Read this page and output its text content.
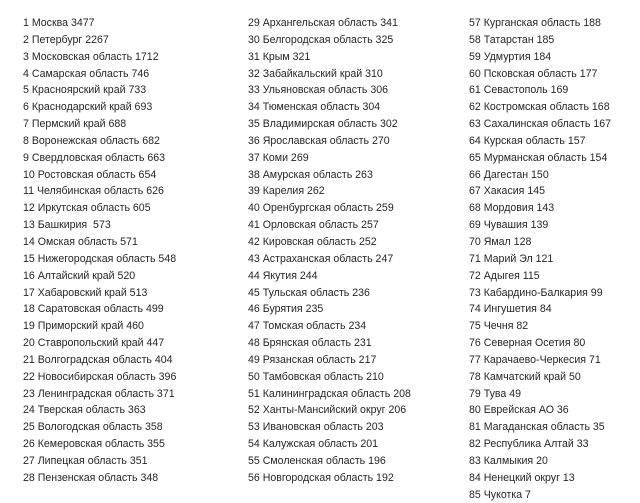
1 Москва 3477
2 Петербург 2267
3 Московская область 1712
4 Самарская область 746
5 Красноярский край 733
6 Краснодарский край 693
7 Пермский край 688
8 Воронежская область 682
9 Свердловская область 663
10 Ростовская область 654
11 Челябинская область 626
12 Иркутская область 605
13 Башкирия  573
14 Омская область 571
15 Нижегородская область 548
16 Алтайский край 520
17 Хабаровский край 513
18 Саратовская область 499
19 Приморский край 460
20 Ставропольский край 447
21 Волгоградская область 404
22 Новосибирская область 396
23 Ленинградская область 371
24 Тверская область 363
25 Вологодская область 358
26 Кемеровская область 355
27 Липецкая область 351
28 Пензенская область 348
29 Архангельская область 341
30 Белгородская область 325
31 Крым 321
32 Забайкальский край 310
33 Ульяновская область 306
34 Тюменская область 304
35 Владимирская область 302
36 Ярославская область 270
37 Коми 269
38 Амурская область 263
39 Карелия 262
40 Оренбургская область 259
41 Орловская область 257
42 Кировская область 252
43 Астраханская область 247
44 Якутия 244
45 Тульская область 236
46 Бурятия 235
47 Томская область 234
48 Брянская область 231
49 Рязанская область 217
50 Тамбовская область 210
51 Калининградская область 208
52 Ханты-Мансийский округ 206
53 Ивановская область 203
54 Калужская область 201
55 Смоленская область 196
56 Новгородская область 192
57 Курганская область 188
58 Татарстан 185
59 Удмуртия 184
60 Псковская область 177
61 Севастополь 169
62 Костромская область 168
63 Сахалинская область 167
64 Курская область 157
65 Мурманская область 154
66 Дагестан 150
67 Хакасия 145
68 Мордовия 143
69 Чувашия 139
70 Ямал 128
71 Марий Эл 121
72 Адыгея 115
73 Кабардино-Балкария 99
74 Ингушетия 84
75 Чечня 82
76 Северная Осетия 80
77 Карачаево-Черкесия 71
78 Камчатский край 50
79 Тува 49
80 Еврейская АО 36
81 Магаданская область 35
82 Республика Алтай 33
83 Калмыкия 20
84 Ненецкий округ 13
85 Чукотка 7
